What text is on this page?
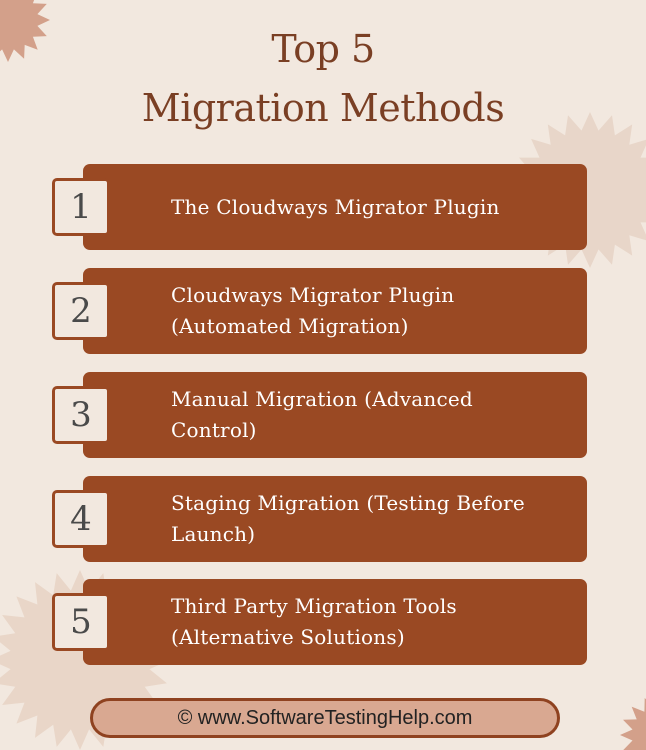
Top 5
Migration Methods
1	The Cloudways Migrator Plugin
2	Cloudways Migrator Plugin (Automated Migration)
3	Manual Migration (Advanced Control)
4	Staging Migration (Testing Before Launch)
5	Third Party Migration Tools (Alternative Solutions)
© www.SoftwareTestingHelp.com
